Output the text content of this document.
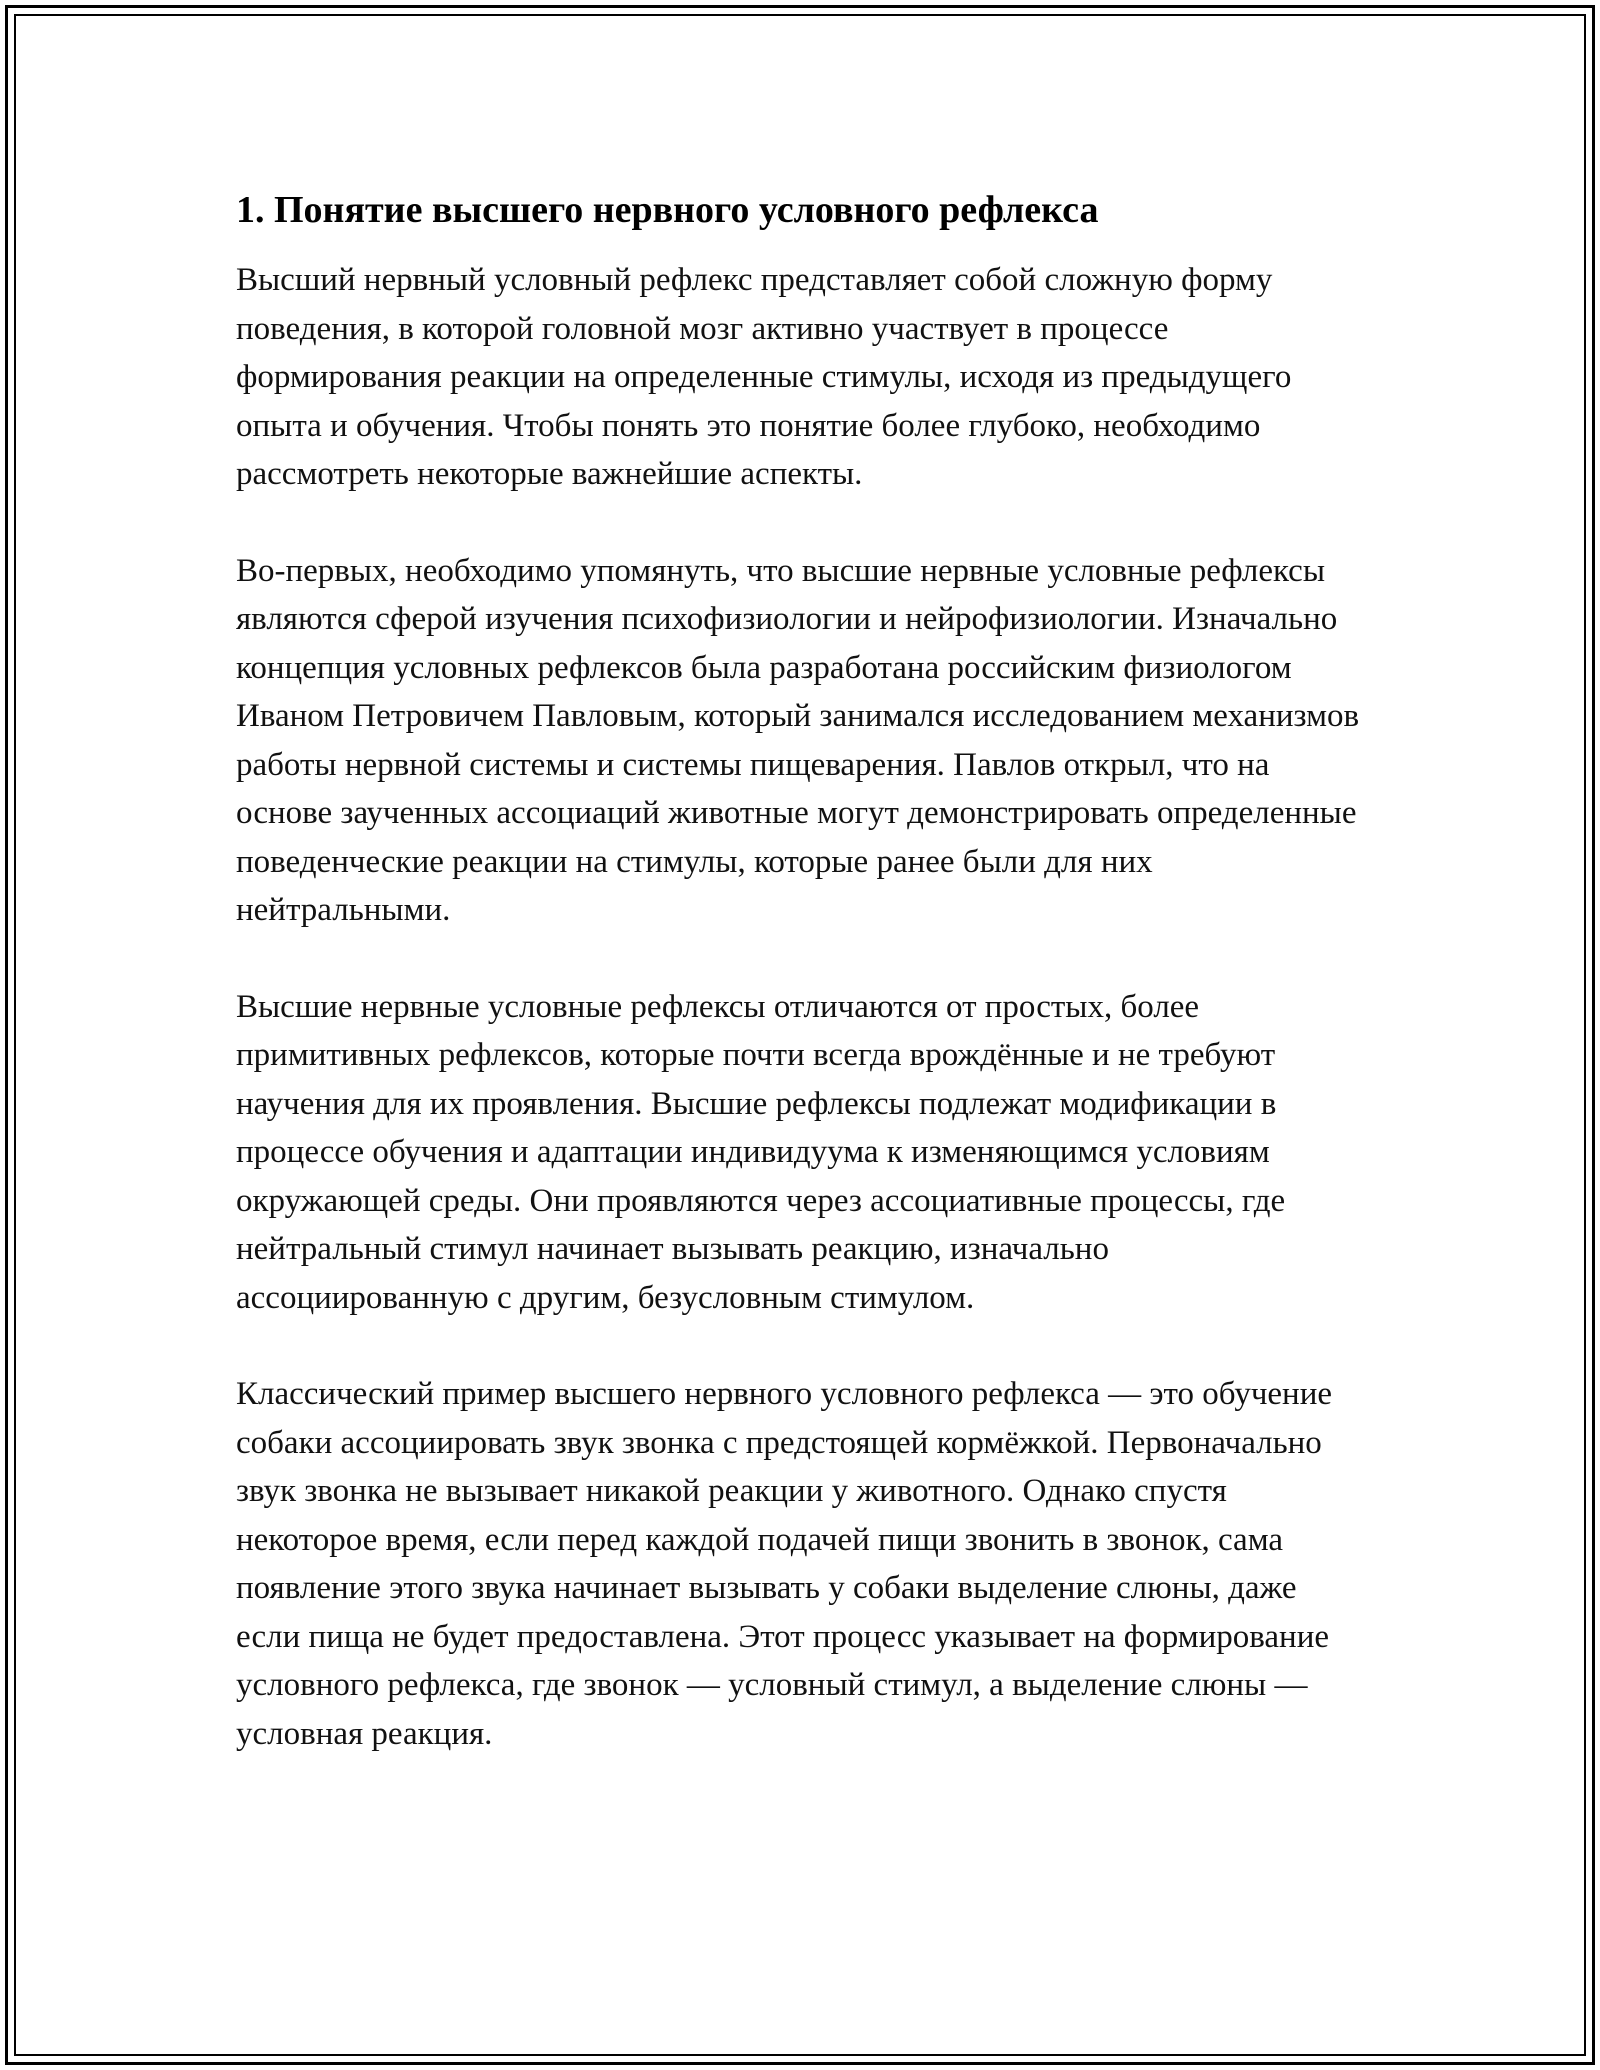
1. Понятие высшего нервного условного рефлекса

Высший нервный условный рефлекс представляет собой сложную форму поведения, в которой головной мозг активно участвует в процессе формирования реакции на определенные стимулы, исходя из предыдущего опыта и обучения. Чтобы понять это понятие более глубоко, необходимо рассмотреть некоторые важнейшие аспекты.

Во-первых, необходимо упомянуть, что высшие нервные условные рефлексы являются сферой изучения психофизиологии и нейрофизиологии. Изначально концепция условных рефлексов была разработана российским физиологом Иваном Петровичем Павловым, который занимался исследованием механизмов работы нервной системы и системы пищеварения. Павлов открыл, что на основе заученных ассоциаций животные могут демонстрировать определенные поведенческие реакции на стимулы, которые ранее были для них нейтральными.

Высшие нервные условные рефлексы отличаются от простых, более примитивных рефлексов, которые почти всегда врождённые и не требуют научения для их проявления. Высшие рефлексы подлежат модификации в процессе обучения и адаптации индивидуума к изменяющимся условиям окружающей среды. Они проявляются через ассоциативные процессы, где нейтральный стимул начинает вызывать реакцию, изначально ассоциированную с другим, безусловным стимулом.

Классический пример высшего нервного условного рефлекса — это обучение собаки ассоциировать звук звонка с предстоящей кормёжкой. Первоначально звук звонка не вызывает никакой реакции у животного. Однако спустя некоторое время, если перед каждой подачей пищи звонить в звонок, сама появление этого звука начинает вызывать у собаки выделение слюны, даже если пища не будет предоставлена. Этот процесс указывает на формирование условного рефлекса, где звонок — условный стимул, а выделение слюны — условная реакция.
